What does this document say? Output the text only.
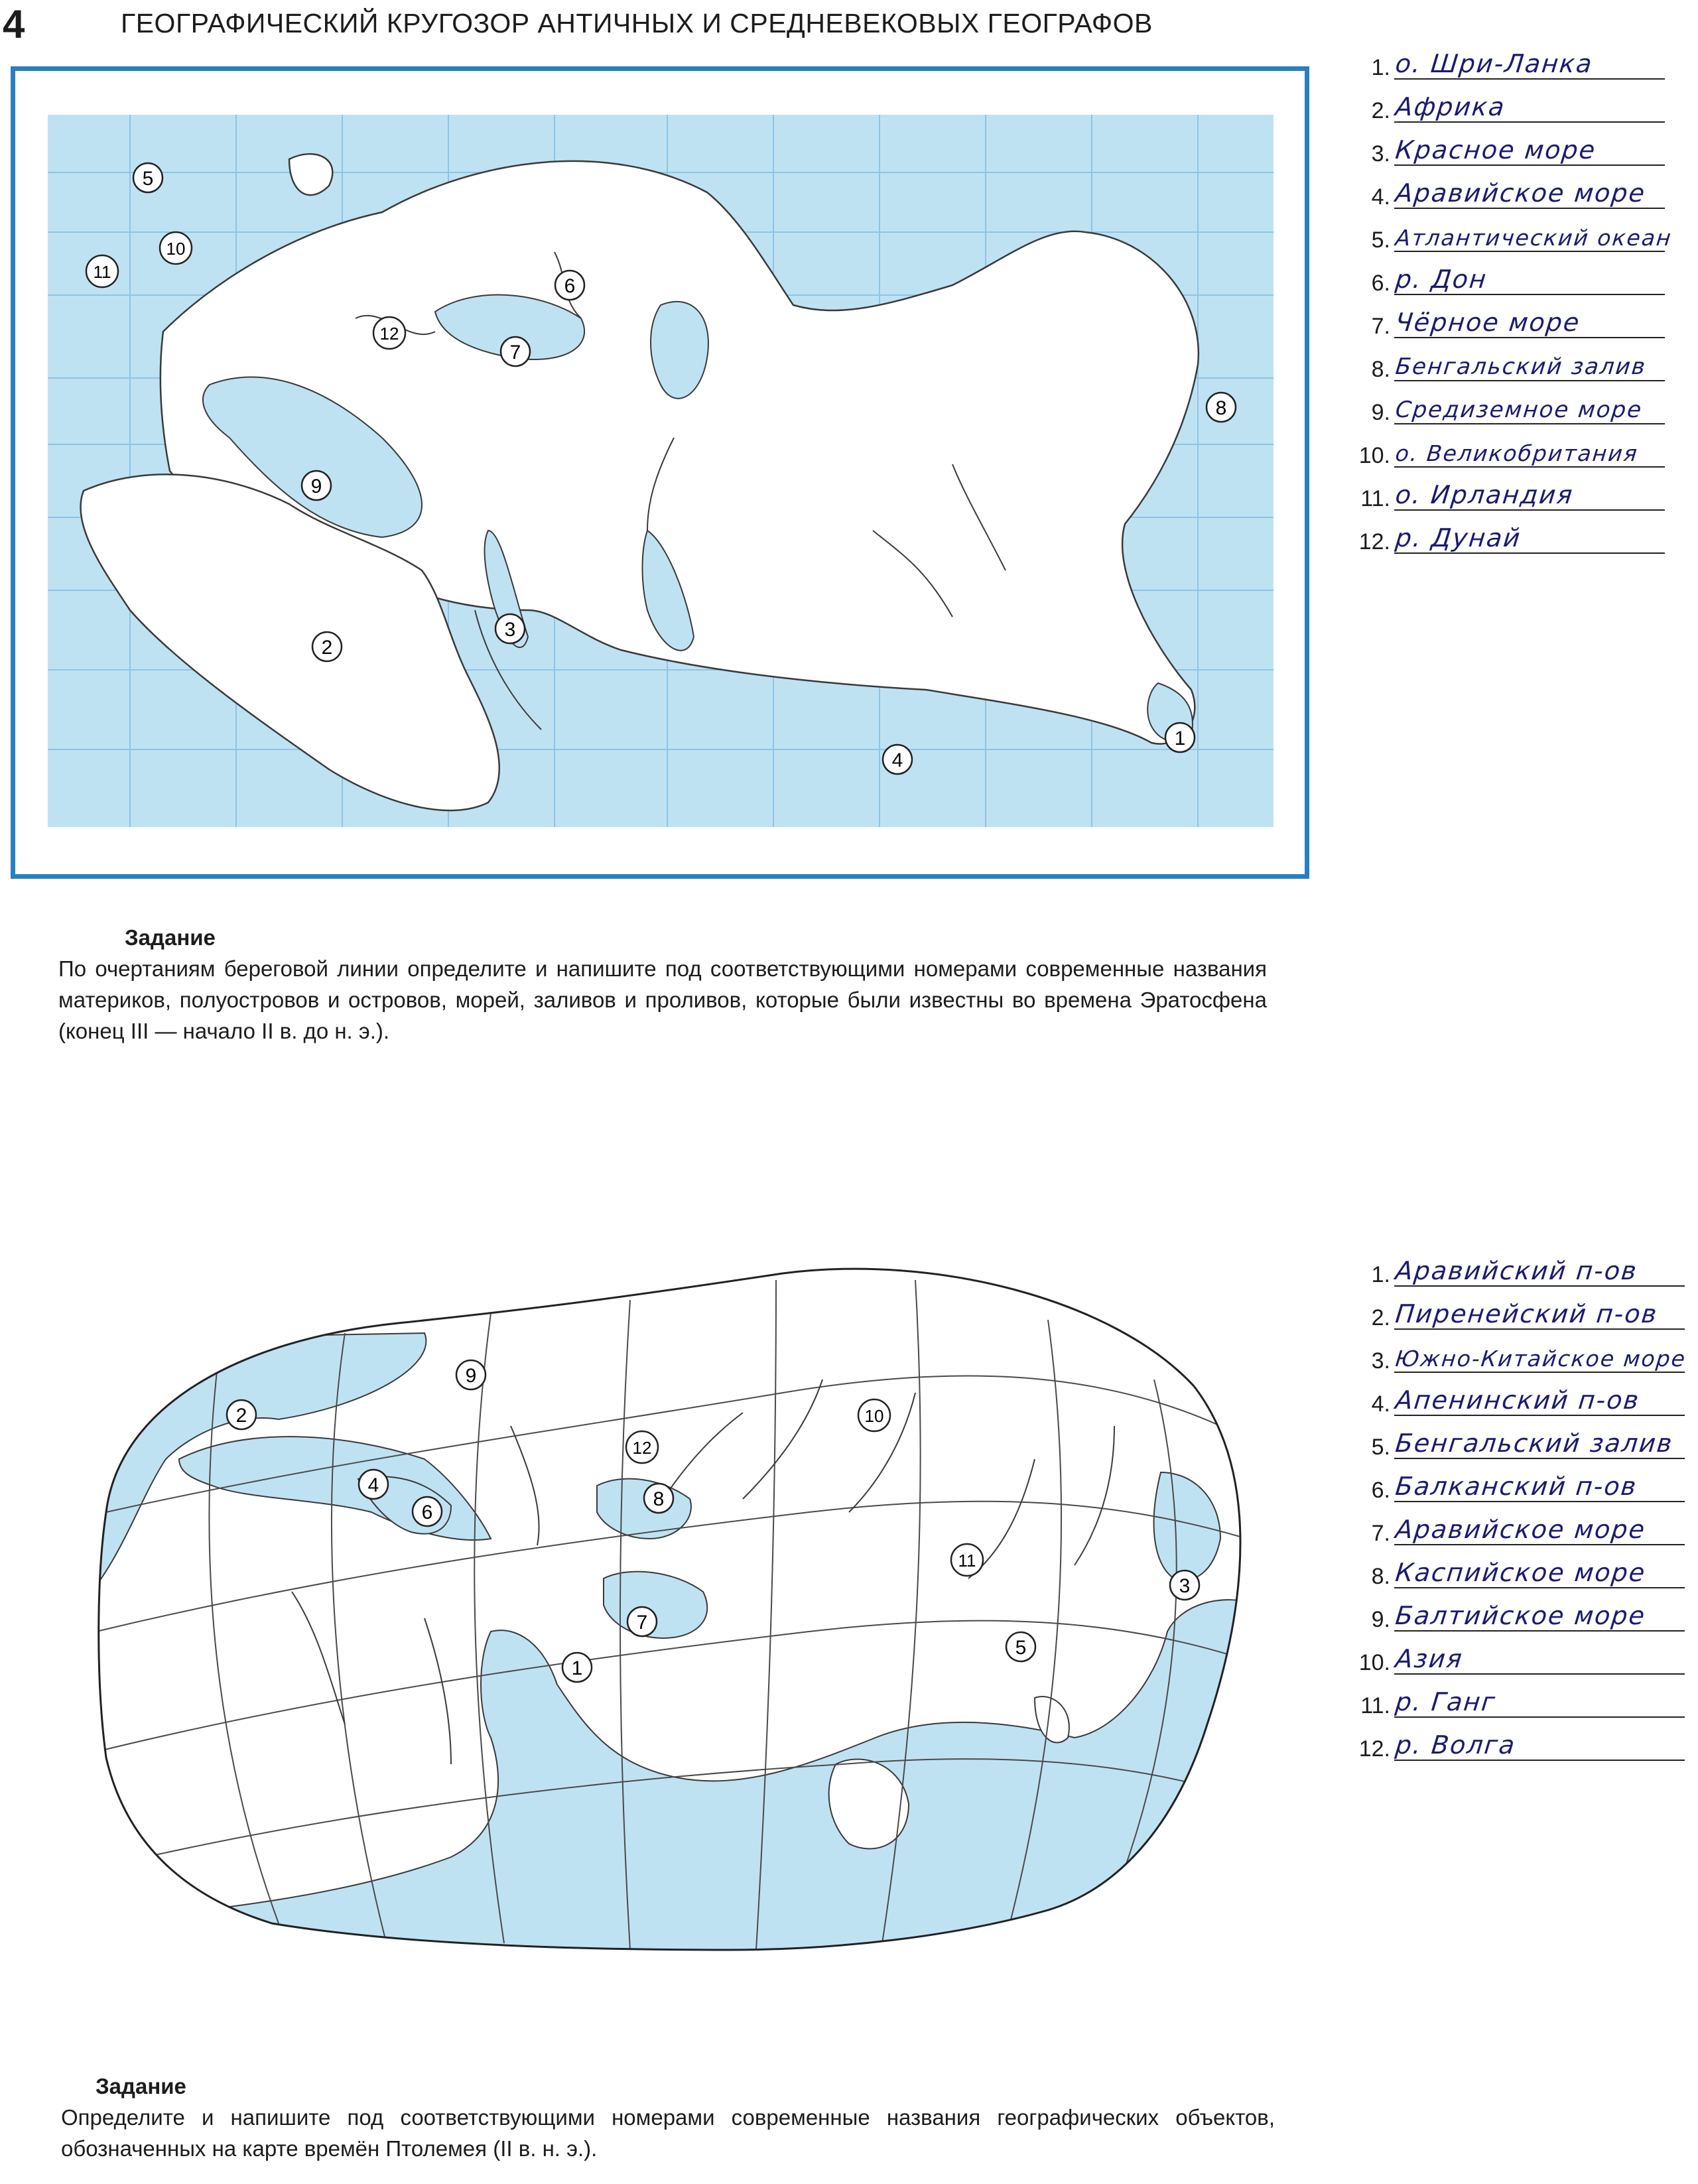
4	ГЕОГРАФИЧЕСКИЙ КРУГОЗОР АНТИЧНЫХ И СРЕДНЕВЕКОВЫХ ГЕОГРАФОВ
1
2
3
4
5
6
7
8
9
10
11
12
1. о. Шри-Ланка
2. Африка
3. Красное море
4. Аравийское море
5. Атлантический океан
6. р. Дон
7. Чёрное море
8. Бенгальский залив
9. Средиземное море
10. о. Великобритания
11. о. Ирландия
12. р. Дунай
Задание
По очертаниям береговой линии определите и напишите под соответствующими номерами современные названия материков, полуостровов и островов, морей, заливов и проливов, которые были известны во времена Эратосфена (конец III — начало II в. до н. э.).
1
2
3
4
5
6
7
8
9
10
11
12
1. Аравийский п-ов
2. Пиренейский п-ов
3. Южно-Китайское море
4. Апенинский п-ов
5. Бенгальский залив
6. Балканский п-ов
7. Аравийское море
8. Каспийское море
9. Балтийское море
10. Азия
11. р. Ганг
12. р. Волга
Задание
Определите и напишите под соответствующими номерами современные названия географических объектов, обозначенных на карте времён Птолемея (II в. н. э.).
